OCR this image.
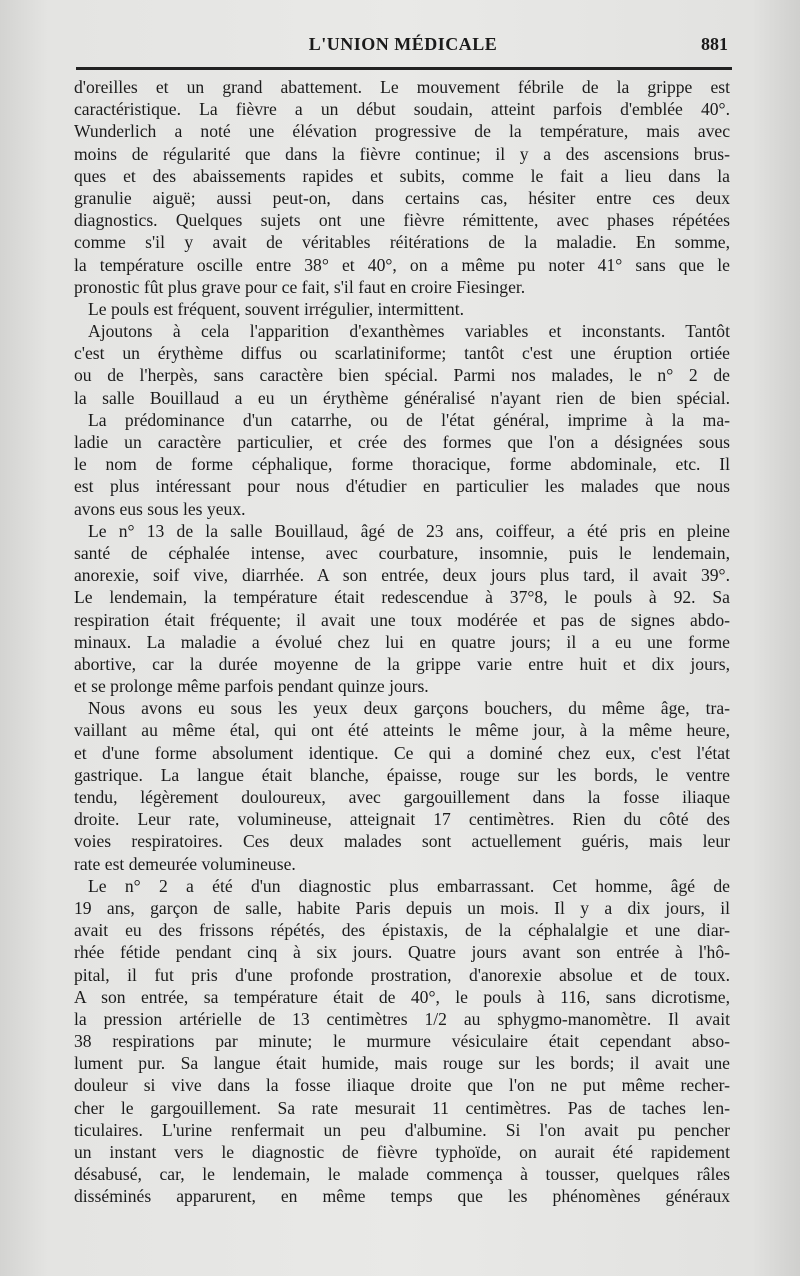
L'UNION MÉDICALE	881
d'oreilles et un grand abattement. Le mouvement fébrile de la grippe est
caractéristique. La fièvre a un début soudain, atteint parfois d'emblée 40°.
Wunderlich a noté une élévation progressive de la température, mais avec
moins de régularité que dans la fièvre continue; il y a des ascensions brus-
ques et des abaissements rapides et subits, comme le fait a lieu dans la
granulie aiguë; aussi peut-on, dans certains cas, hésiter entre ces deux
diagnostics. Quelques sujets ont une fièvre rémittente, avec phases répétées
comme s'il y avait de véritables réitérations de la maladie. En somme,
la température oscille entre 38° et 40°, on a même pu noter 41° sans que le
pronostic fût plus grave pour ce fait, s'il faut en croire Fiesinger.
Le pouls est fréquent, souvent irrégulier, intermittent.
Ajoutons à cela l'apparition d'exanthèmes variables et inconstants. Tantôt
c'est un érythème diffus ou scarlatiniforme; tantôt c'est une éruption ortiée
ou de l'herpès, sans caractère bien spécial. Parmi nos malades, le n° 2 de
la salle Bouillaud a eu un érythème généralisé n'ayant rien de bien spécial.
La prédominance d'un catarrhe, ou de l'état général, imprime à la ma-
ladie un caractère particulier, et crée des formes que l'on a désignées sous
le nom de forme céphalique, forme thoracique, forme abdominale, etc. Il
est plus intéressant pour nous d'étudier en particulier les malades que nous
avons eus sous les yeux.
Le n° 13 de la salle Bouillaud, âgé de 23 ans, coiffeur, a été pris en pleine
santé de céphalée intense, avec courbature, insomnie, puis le lendemain,
anorexie, soif vive, diarrhée. A son entrée, deux jours plus tard, il avait 39°.
Le lendemain, la température était redescendue à 37°8, le pouls à 92. Sa
respiration était fréquente; il avait une toux modérée et pas de signes abdo-
minaux. La maladie a évolué chez lui en quatre jours; il a eu une forme
abortive, car la durée moyenne de la grippe varie entre huit et dix jours,
et se prolonge même parfois pendant quinze jours.
Nous avons eu sous les yeux deux garçons bouchers, du même âge, tra-
vaillant au même étal, qui ont été atteints le même jour, à la même heure,
et d'une forme absolument identique. Ce qui a dominé chez eux, c'est l'état
gastrique. La langue était blanche, épaisse, rouge sur les bords, le ventre
tendu, légèrement douloureux, avec gargouillement dans la fosse iliaque
droite. Leur rate, volumineuse, atteignait 17 centimètres. Rien du côté des
voies respiratoires. Ces deux malades sont actuellement guéris, mais leur
rate est demeurée volumineuse.
Le n° 2 a été d'un diagnostic plus embarrassant. Cet homme, âgé de
19 ans, garçon de salle, habite Paris depuis un mois. Il y a dix jours, il
avait eu des frissons répétés, des épistaxis, de la céphalalgie et une diar-
rhée fétide pendant cinq à six jours. Quatre jours avant son entrée à l'hô-
pital, il fut pris d'une profonde prostration, d'anorexie absolue et de toux.
A son entrée, sa température était de 40°, le pouls à 116, sans dicrotisme,
la pression artérielle de 13 centimètres 1/2 au sphygmo-manomètre. Il avait
38 respirations par minute; le murmure vésiculaire était cependant abso-
lument pur. Sa langue était humide, mais rouge sur les bords; il avait une
douleur si vive dans la fosse iliaque droite que l'on ne put même recher-
cher le gargouillement. Sa rate mesurait 11 centimètres. Pas de taches len-
ticulaires. L'urine renfermait un peu d'albumine. Si l'on avait pu pencher
un instant vers le diagnostic de fièvre typhoïde, on aurait été rapidement
désabusé, car, le lendemain, le malade commença à tousser, quelques râles
disséminés apparurent, en même temps que les phénomènes généraux
